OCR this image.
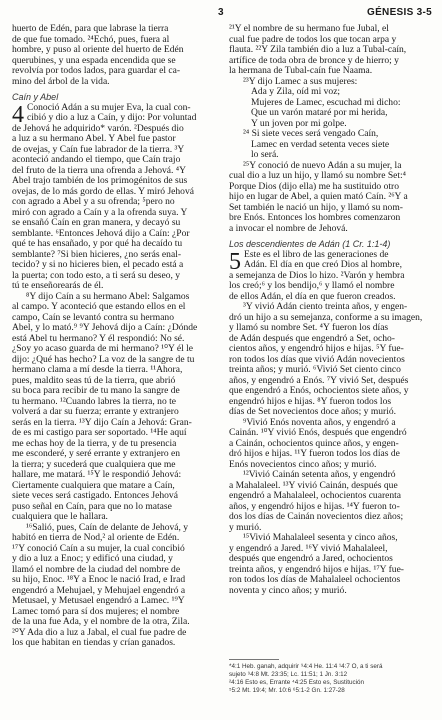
3	GÉNESIS 3-5
huerto de Edén, para que labrase la tierra
de que fue tomado. ²⁴Echó, pues, fuera al
hombre, y puso al oriente del huerto de Edén
querubines, y una espada encendida que se
revolvía por todos lados, para guardar el ca-
mino del árbol de la vida.
Caín y Abel
4 Conoció Adán a su mujer Eva, la cual con-
cibió y dio a luz a Caín, y dijo: Por voluntad
de Jehová he adquirido* varón. ²Después dio
a luz a su hermano Abel. Y Abel fue pastor
de ovejas, y Caín fue labrador de la tierra. ³Y
aconteció andando el tiempo, que Caín trajo
del fruto de la tierra una ofrenda a Jehová. ⁴Y
Abel trajo también de los primogénitos de sus
ovejas, de lo más gordo de ellas. Y miró Jehová
con agrado a Abel y a su ofrenda; ⁵pero no
miró con agrado a Caín y a la ofrenda suya. Y
se ensañó Caín en gran manera, y decayó su
semblante. ⁶Entonces Jehová dijo a Caín: ¿Por
qué te has ensañado, y por qué ha decaído tu
semblante? ⁷Si bien hicieres, ¿no serás enal-
tecido? y si no hicieres bien, el pecado está a
la puerta; con todo esto, a ti será su deseo, y
tú te enseñorearás de él.
⁸Y dijo Caín a su hermano Abel: Salgamos
al campo. Y aconteció que estando ellos en el
campo, Caín se levantó contra su hermano
Abel, y lo mató.⁹ ⁹Y Jehová dijo a Caín: ¿Dónde
está Abel tu hermano? Y él respondió: No sé.
¿Soy yo acaso guarda de mi hermano? ¹⁰Y él le
dijo: ¿Qué has hecho? La voz de la sangre de tu
hermano clama a mí desde la tierra. ¹¹Ahora,
pues, maldito seas tú de la tierra, que abrió
su boca para recibir de tu mano la sangre de
tu hermano. ¹²Cuando labres la tierra, no te
volverá a dar su fuerza; errante y extranjero
serás en la tierra. ¹³Y dijo Caín a Jehová: Gran-
de es mi castigo para ser soportado. ¹⁴He aquí
me echas hoy de la tierra, y de tu presencia
me esconderé, y seré errante y extranjero en
la tierra; y sucederá que cualquiera que me
hallare, me matará. ¹⁵Y le respondió Jehová:
Ciertamente cualquiera que matare a Caín,
siete veces será castigado. Entonces Jehová
puso señal en Caín, para que no lo matase
cualquiera que le hallara.
¹⁶Salió, pues, Caín de delante de Jehová, y
habitó en tierra de Nod,² al oriente de Edén.
¹⁷Y conoció Caín a su mujer, la cual concibió
y dio a luz a Enoc; y edificó una ciudad, y
llamó el nombre de la ciudad del nombre de
su hijo, Enoc. ¹⁸Y a Enoc le nació Irad, e Irad
engendró a Mehujael, y Mehujael engendró a
Metusael, y Metusael engendró a Lamec. ¹⁹Y
Lamec tomó para sí dos mujeres; el nombre
de la una fue Ada, y el nombre de la otra, Zila.
²⁰Y Ada dio a luz a Jabal, el cual fue padre de
los que habitan en tiendas y crían ganados.
²¹Y el nombre de su hermano fue Jubal, el
cual fue padre de todos los que tocan arpa y
flauta. ²²Y Zila también dio a luz a Tubal-caín,
artífice de toda obra de bronce y de hierro; y
la hermana de Tubal-caín fue Naama.
²³Y dijo Lamec a sus mujeres:
Ada y Zila, oíd mi voz;
Mujeres de Lamec, escuchad mi dicho:
Que un varón mataré por mi herida,
Y un joven por mi golpe.
²⁴ Si siete veces será vengado Caín,
Lamec en verdad setenta veces siete
lo será.
²⁵Y conoció de nuevo Adán a su mujer, la
cual dio a luz un hijo, y llamó su nombre Set:⁴
Porque Dios (dijo ella) me ha sustituido otro
hijo en lugar de Abel, a quien mató Caín. ²⁶Y a
Set también le nació un hijo, y llamó su nom-
bre Enós. Entonces los hombres comenzaron
a invocar el nombre de Jehová.
Los descendientes de Adán (1 Cr. 1:1-4)
5 Este es el libro de las generaciones de
Adán. El día en que creó Dios al hombre,
a semejanza de Dios lo hizo. ²Varón y hembra
los creó;⁶ y los bendijo,⁶ y llamó el nombre
de ellos Adán, el día en que fueron creados.
³Y vivió Adán ciento treinta años, y engen-
dró un hijo a su semejanza, conforme a su imagen,
y llamó su nombre Set. ⁴Y fueron los días
de Adán después que engendró a Set, ocho-
cientos años, y engendró hijos e hijas. ⁵Y fue-
ron todos los días que vivió Adán novecientos
treinta años; y murió. ⁶Vivió Set ciento cinco
años, y engendró a Enós. ⁷Y vivió Set, después
que engendró a Enós, ochocientos siete años, y
engendró hijos e hijas. ⁸Y fueron todos los
días de Set novecientos doce años; y murió.
⁹Vivió Enós noventa años, y engendró a
Cainán. ¹⁰Y vivió Enós, después que engendró
a Cainán, ochocientos quince años, y engen-
dró hijos e hijas. ¹¹Y fueron todos los días de
Enós novecientos cinco años; y murió.
¹²Vivió Cainán setenta años, y engendró
a Mahalaleel. ¹³Y vivió Cainán, después que
engendró a Mahalaleel, ochocientos cuarenta
años, y engendró hijos e hijas. ¹⁴Y fueron to-
dos los días de Cainán novecientos diez años;
y murió.
¹⁵Vivió Mahalaleel sesenta y cinco años,
y engendró a Jared. ¹⁶Y vivió Mahalaleel,
después que engendró a Jared, ochocientos
treinta años, y engendró hijos e hijas. ¹⁷Y fue-
ron todos los días de Mahalaleel ochocientos
noventa y cinco años; y murió.
*4:1 Heb. ganah, adquirir ⁹4:4 He. 11:4 ¹4:7 O, a ti será
sujeto ⁹4:8 Mt. 23:35; Lc. 11:51; 1 Jn. 3:12
²4:16 Esto es, Errante ⁴4:25 Esto es, Sustitución
⁵5:2 Mt. 19:4; Mr. 10:6 ⁶5:1-2 Gn. 1:27-28
